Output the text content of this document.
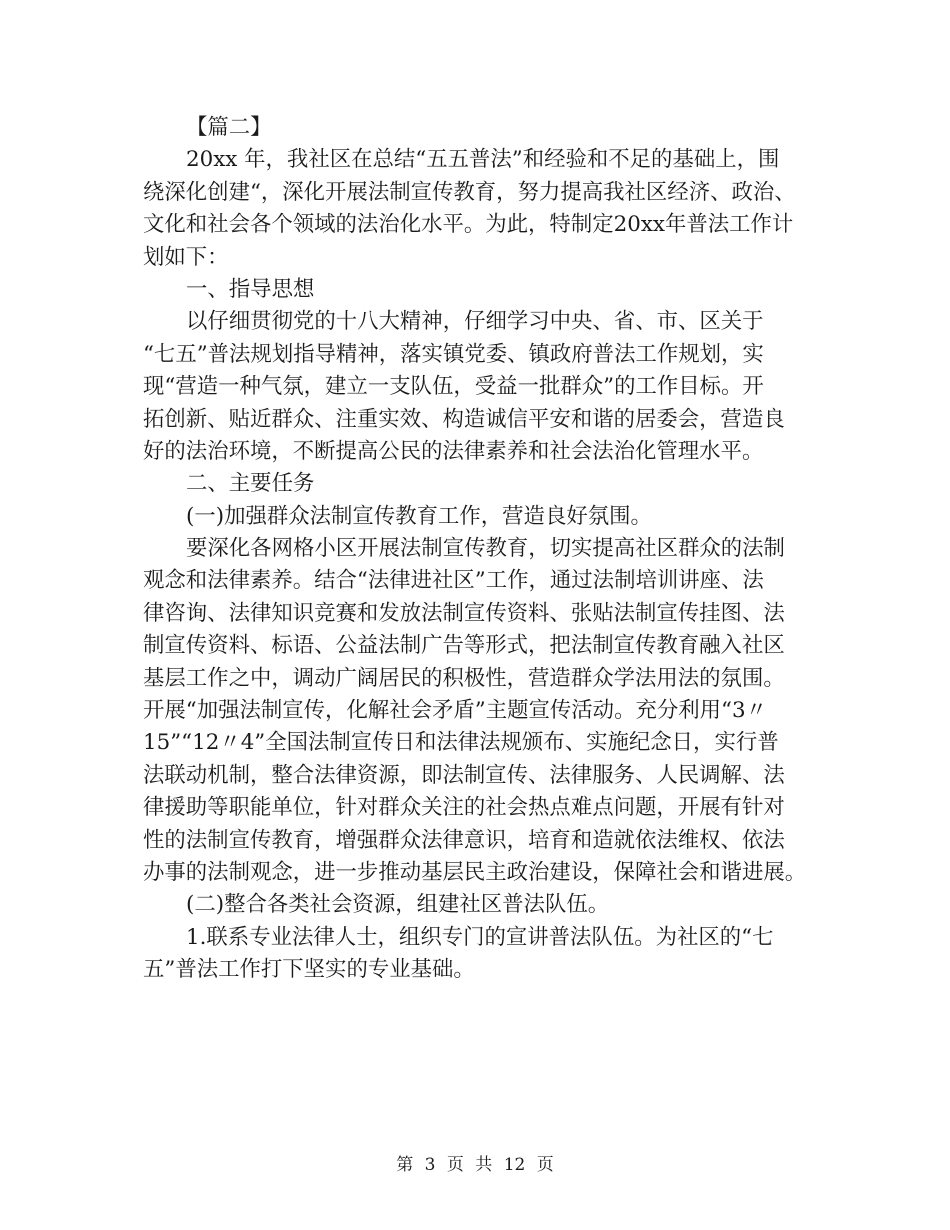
【篇二】
20xx 年，我社区在总结“五五普法”和经验和不足的基础上，围
绕深化创建“，深化开展法制宣传教育，努力提高我社区经济、政治、
文化和社会各个领域的法治化水平。为此，特制定20xx年普法工作计
划如下：
一、指导思想
以仔细贯彻党的十八大精神，仔细学习中央、省、市、区关于
“七五”普法规划指导精神，落实镇党委、镇政府普法工作规划，实
现“营造一种气氛，建立一支队伍，受益一批群众”的工作目标。开
拓创新、贴近群众、注重实效、构造诚信平安和谐的居委会，营造良
好的法治环境，不断提高公民的法律素养和社会法治化管理水平。
二、主要任务
(一)加强群众法制宣传教育工作，营造良好氛围。
要深化各网格小区开展法制宣传教育，切实提高社区群众的法制
观念和法律素养。结合“法律进社区”工作，通过法制培训讲座、法
律咨询、法律知识竞赛和发放法制宣传资料、张贴法制宣传挂图、法
制宣传资料、标语、公益法制广告等形式，把法制宣传教育融入社区
基层工作之中，调动广阔居民的积极性，营造群众学法用法的氛围。
开展“加强法制宣传，化解社会矛盾”主题宣传活动。充分利用“3〃
15”“12〃4”全国法制宣传日和法律法规颁布、实施纪念日，实行普
法联动机制，整合法律资源，即法制宣传、法律服务、人民调解、法
律援助等职能单位，针对群众关注的社会热点难点问题，开展有针对
性的法制宣传教育，增强群众法律意识，培育和造就依法维权、依法
办事的法制观念，进一步推动基层民主政治建设，保障社会和谐进展。
(二)整合各类社会资源，组建社区普法队伍。
1.联系专业法律人士，组织专门的宣讲普法队伍。为社区的“七
五”普法工作打下坚实的专业基础。
第 3 页 共 12 页
